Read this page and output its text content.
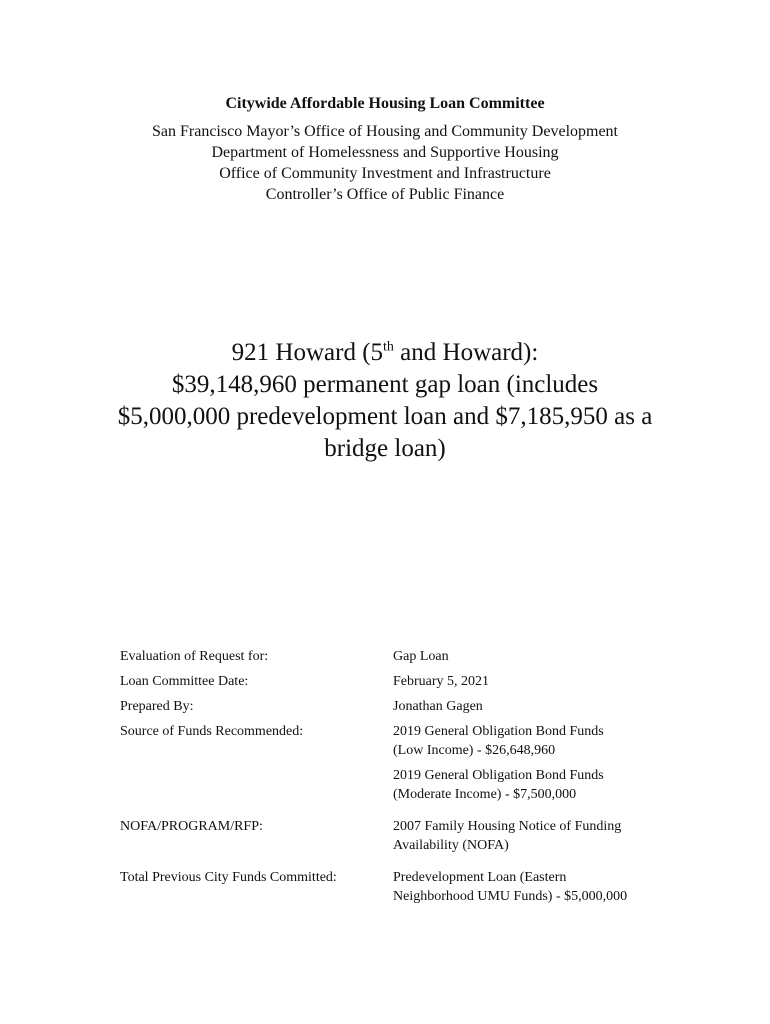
Citywide Affordable Housing Loan Committee
San Francisco Mayor’s Office of Housing and Community Development
Department of Homelessness and Supportive Housing
Office of Community Investment and Infrastructure
Controller’s Office of Public Finance
921 Howard (5th and Howard):
$39,148,960 permanent gap loan (includes
$5,000,000 predevelopment loan and $7,185,950 as a
bridge loan)
Evaluation of Request for:	Gap Loan
Loan Committee Date:	February 5, 2021
Prepared By:	Jonathan Gagen
Source of Funds Recommended:	2019 General Obligation Bond Funds
(Low Income) - $26,648,960
2019 General Obligation Bond Funds
(Moderate Income) - $7,500,000
NOFA/PROGRAM/RFP:	2007 Family Housing Notice of Funding
Availability (NOFA)
Total Previous City Funds Committed:	Predevelopment Loan (Eastern
Neighborhood UMU Funds) - $5,000,000
